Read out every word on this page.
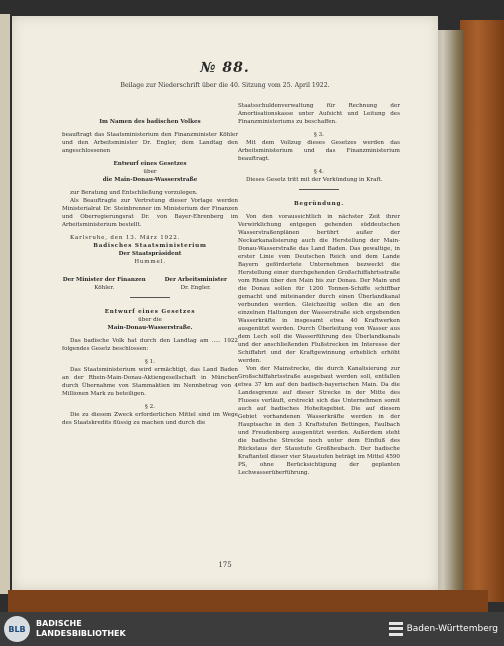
№ 88.
Beilage zur Niederschrift über die 40. Sitzung vom 25. April 1922.

Im Namen des badischen Volkes

beauftragt das Staatsministerium den Finanzminister Köhler und den Arbeitsminister Dr. Engler, dem Landtag den angeschlossenen

Entwurf eines Gesetzes

über

die Main-Donau-Wasserstraße

zur Beratung und Entschließung vorzulegen.

Als Beauftragte zur Vertretung dieser Vorlage werden Ministerialrat Dr. Steinbrenner im Ministerium der Finanzen und Oberregierungsrat Dr. von Bayer-Ehrenberg im Arbeitsministerium bestellt.

Karlsruhe, den 13. März 1922.

Badisches Staatsministerium

Der Staatspräsident

Hummel.

Der Minister der Finanzen

Köhler.

Der Arbeitsminister

Dr. Engler.

Entwurf eines Gesetzes

über die

Main-Donau-Wasserstraße.

Das badische Volk hat durch den Landtag am ..... 1922 folgendes Gesetz beschlossen:

§ 1.

Das Staatsministerium wird ermächtigt, das Land Baden an der Rhein-Main-Donau-Aktiengesellschaft in München durch Übernahme von Stammaktien im Nennbetrag von 4 Millionen Mark zu beteiligen.

§ 2.

Die zu diesem Zweck erforderlichen Mittel sind im Wege des Staatskredits flüssig zu machen und durch die

Staatsschuldenverwaltung für Rechnung der Amortisationskasse unter Aufsicht und Leitung des Finanzministeriums zu beschaffen.

§ 3.

Mit dem Vollzug dieses Gesetzes werden das Arbeitsministerium und das Finanzministerium beauftragt.

§ 4.

Dieses Gesetz tritt mit der Verkündung in Kraft.

Begründung.

Von den voraussichtlich in nächster Zeit ihrer Verwirklichung entgegen gehenden süddeutschen Wasserstraßenplänen berührt außer der Neckarkanalisierung auch die Herstellung der Main-Donau-Wasserstraße das Land Baden. Das gewaltige, in erster Linie vom Deutschen Reich und dem Lande Bayern gefördertete Unternehmen bezweckt die Herstellung einer durchgehenden Großschiffahrtsstraße vom Rhein über den Main bis zur Donau. Der Main und die Donau sollen für 1200 Tonnen-Schiffe schiffbar gemacht und miteinander durch einen Überlandkanal verbunden werden. Gleichzeitig sollen die an den einzelnen Haltungen der Wasserstraße sich ergebenden Wasserkräfte in insgesamt etwa 40 Kraftwerken ausgenützt werden. Durch Überleitung von Wasser aus dem Lech soll die Wasserführung des Überlandkanals und der anschließenden Flußstrecken im Interesse der Schiffahrt und der Kraftgewinnung erheblich erhöht werden.

Von der Mainstrecke, die durch Kanalisierung zur Großschiffahrtsstraße ausgebaut werden soll, entfallen etwa 37 km auf den badisch-bayerischen Main. Da die Landesgrenze auf dieser Strecke in der Mitte des Flusses verläuft, erstreckt sich das Unternehmen somit auch auf badisches Hoheitsgebiet. Die auf diesem Gebiet vorhandenen Wasserkräfte werden in der Hauptsache in den 3 Kraftstufen Bettingen, Faulbach und Freudenberg ausgenützt werden. Außerdem steht die badische Strecke noch unter dem Einfluß des Rückstaus der Staustufe Großheubach. Der badische Kraftanteil dieser vier Staustufen beträgt im Mittel 4590 PS, ohne Berücksichtigung der geplanten Lechwasserüberführung.

175
BLB
BADISCHE
LANDESBIBLIOTHEK	Baden-Württemberg
